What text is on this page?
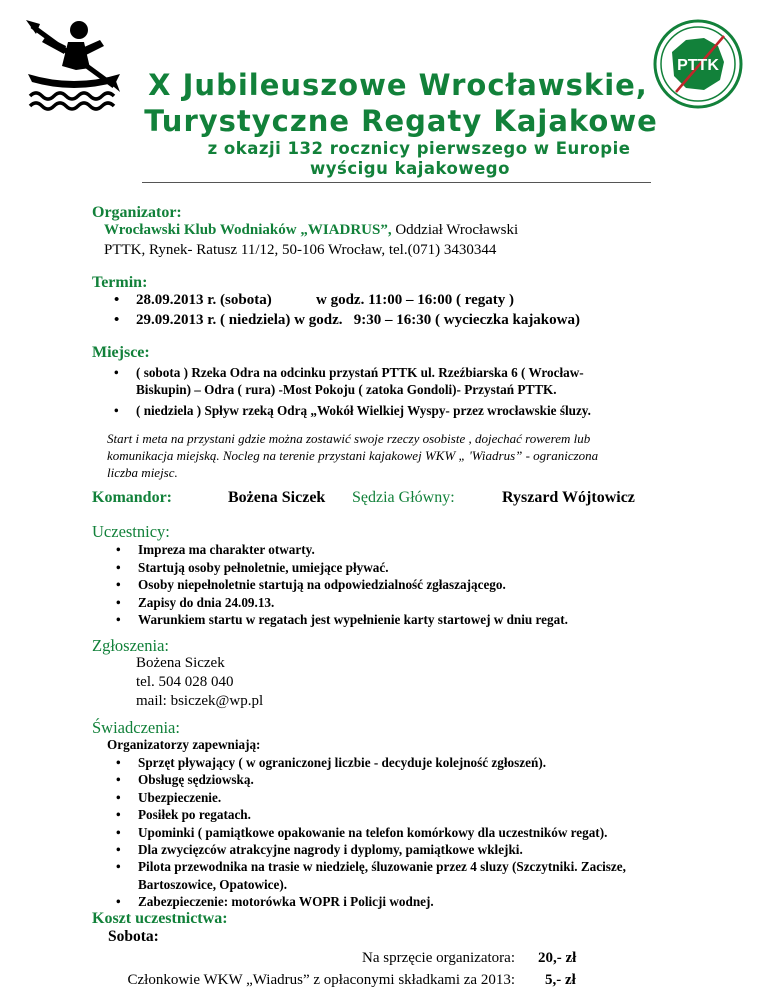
PTTK
X Jubileuszowe Wrocławskie,
Turystyczne Regaty Kajakowe
z okazji 132 rocznicy pierwszego w Europie
wyścigu kajakowego
Organizator:
Wrocławski Klub Wodniaków „WIADRUS”, Oddział Wrocławski
PTTK, Rynek- Ratusz 11/12, 50-106 Wrocław, tel.(071) 3430344
Termin:
• 28.09.2013 r. (sobota)	w godz. 11:00 – 16:00 ( regaty )
• 29.09.2013 r. ( niedziela) w godz. 9:30 – 16:30 ( wycieczka kajakowa)
Miejsce:
• ( sobota ) Rzeka Odra na odcinku przystań PTTK ul. Rzeźbiarska 6 ( Wrocław-
Biskupin) – Odra ( rura) -Most Pokoju ( zatoka Gondoli)- Przystań PTTK.
• ( niedziela ) Spływ rzeką Odrą „Wokół Wielkiej Wyspy- przez wrocławskie śluzy.
Start i meta na przystani gdzie można zostawić swoje rzeczy osobiste , dojechać rowerem lub
komunikacja miejską. Nocleg na terenie przystani kajakowej WKW „ 'Wiadrus” - ograniczona
liczba miejsc.
Komandor:	Bożena Siczek Sędzia Główny:	Ryszard Wójtowicz
Uczestnicy:
• Impreza ma charakter otwarty.
• Startują osoby pełnoletnie, umiejące pływać.
• Osoby niepełnoletnie startują na odpowiedzialność zgłaszającego.
• Zapisy do dnia 24.09.13.
• Warunkiem startu w regatach jest wypełnienie karty startowej w dniu regat.
Zgłoszenia:
Bożena Siczek
tel. 504 028 040
mail: bsiczek@wp.pl
Świadczenia:
Organizatorzy zapewniają:
• Sprzęt pływający ( w ograniczonej liczbie - decyduje kolejność zgłoszeń).
• Obsługę sędziowską.
• Ubezpieczenie.
• Posiłek po regatach.
• Upominki ( pamiątkowe opakowanie na telefon komórkowy dla uczestników regat).
• Dla zwycięzców atrakcyjne nagrody i dyplomy, pamiątkowe wklejki.
• Pilota przewodnika na trasie w niedzielę, śluzowanie przez 4 sluzy (Szczytniki. Zacisze,
Bartoszowice, Opatowice).
• Zabezpieczenie: motorówka WOPR i Policji wodnej.
Koszt uczestnictwa:
Sobota:
Na sprzęcie organizatora: 20,- zł
Członkowie WKW „Wiadrus” z opłaconymi składkami za 2013: 5,- zł
